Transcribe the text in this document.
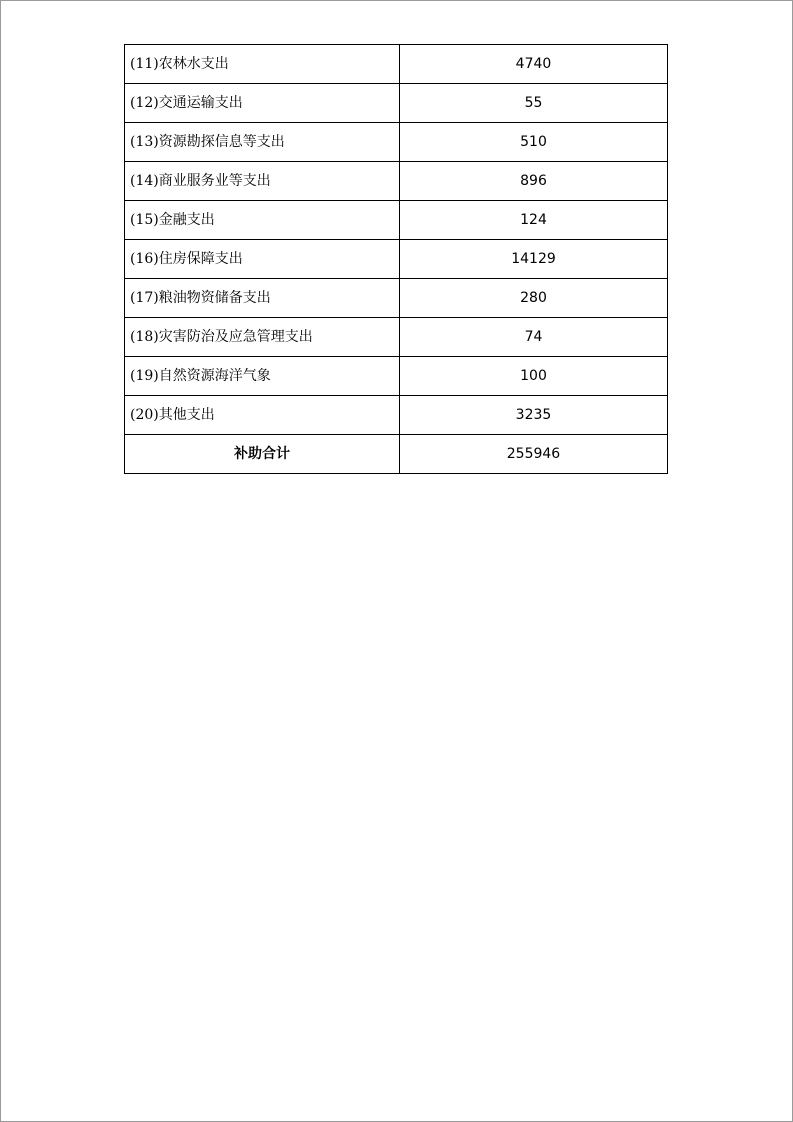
(11)农林水支出	4740
(12)交通运输支出	55
(13)资源勘探信息等支出	510
(14)商业服务业等支出	896
(15)金融支出	124
(16)住房保障支出	14129
(17)粮油物资储备支出	280
(18)灾害防治及应急管理支出	74
(19)自然资源海洋气象	100
(20)其他支出	3235
补助合计	255946
